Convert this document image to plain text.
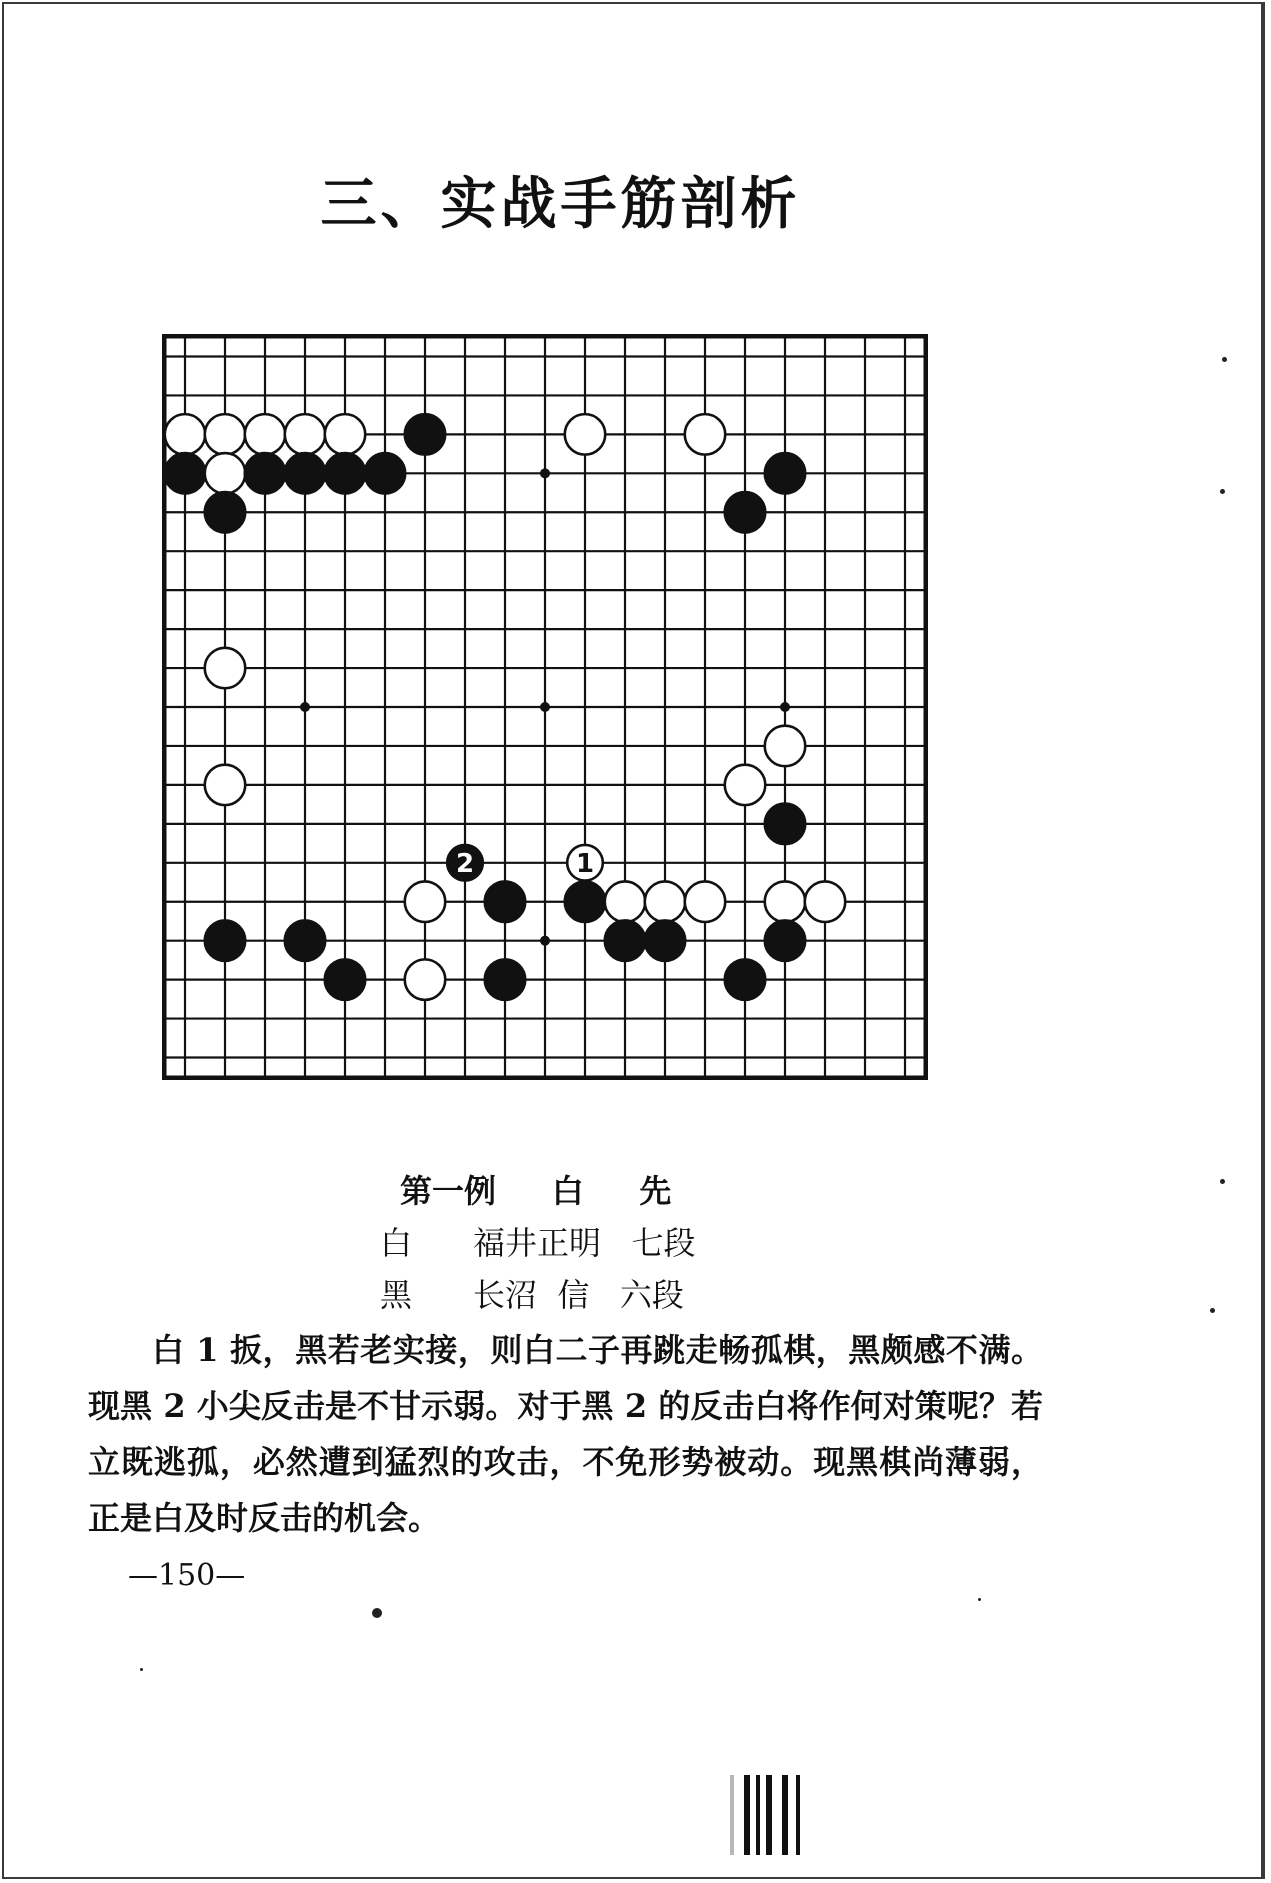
三、实战手筋剖析
2	1
第一例     白     先
白      福井正明   七段
黑      长沼  信   六段

白 1 扳，黑若老实接，则白二子再跳走畅孤棋，黑颇感不满。现黑 2 小尖反击是不甘示弱。对于黑 2 的反击白将作何对策呢？若立既逃孤，必然遭到猛烈的攻击，不免形势被动。现黑棋尚薄弱，正是白及时反击的机会。

—150—
